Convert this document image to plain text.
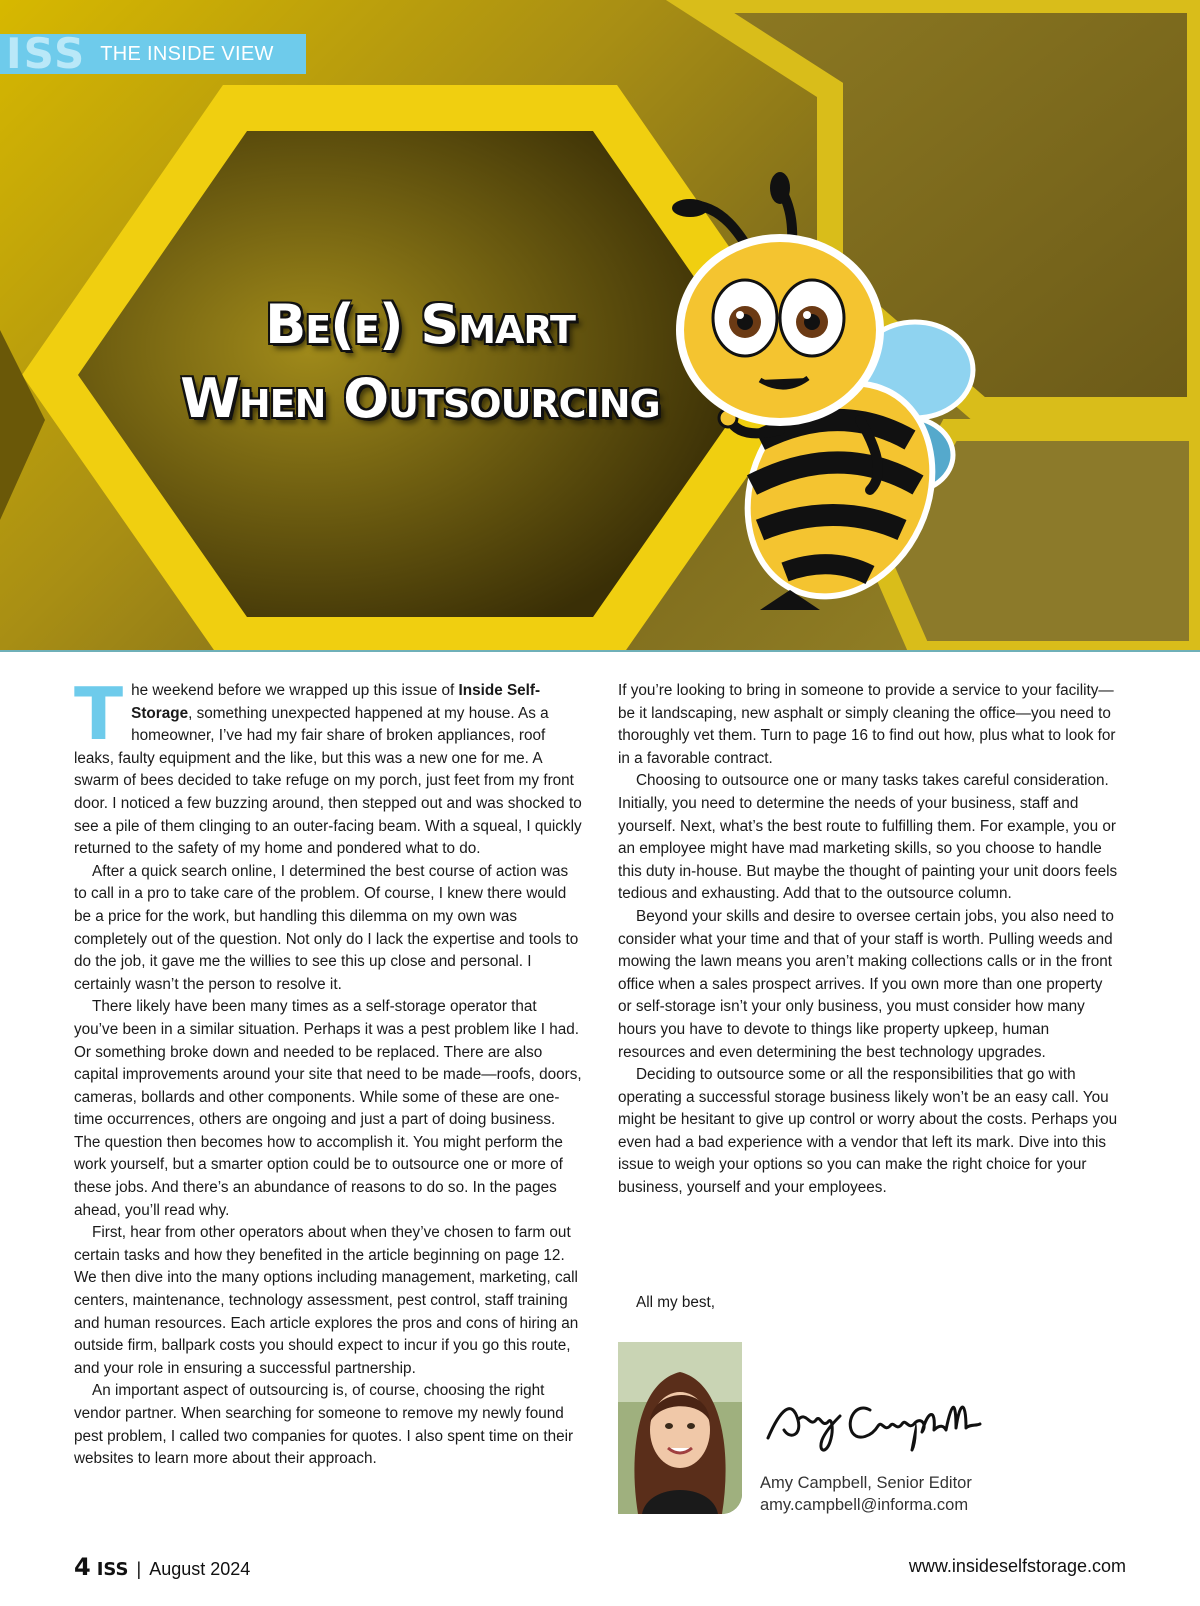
ISS THE INSIDE VIEW
Be(e) Smart
When Outsourcing

The weekend before we wrapped up this issue of Inside Self-Storage, something unexpected happened at my house. As a homeowner, I’ve had my fair share of broken appliances, roof leaks, faulty equipment and the like, but this was a new one for me. A swarm of bees decided to take refuge on my porch, just feet from my front door. I noticed a few buzzing around, then stepped out and was shocked to see a pile of them clinging to an outer-facing beam. With a squeal, I quickly returned to the safety of my home and pondered what to do.

After a quick search online, I determined the best course of action was to call in a pro to take care of the problem. Of course, I knew there would be a price for the work, but handling this dilemma on my own was completely out of the question. Not only do I lack the expertise and tools to do the job, it gave me the willies to see this up close and personal. I certainly wasn’t the person to resolve it.

There likely have been many times as a self-storage operator that you’ve been in a similar situation. Perhaps it was a pest problem like I had. Or something broke down and needed to be replaced. There are also capital improvements around your site that need to be made—roofs, doors, cameras, bollards and other components. While some of these are one-time occurrences, others are ongoing and just a part of doing business. The question then becomes how to accomplish it. You might perform the work yourself, but a smarter option could be to outsource one or more of these jobs. And there’s an abundance of reasons to do so. In the pages ahead, you’ll read why.

First, hear from other operators about when they’ve chosen to farm out certain tasks and how they benefited in the article beginning on page 12. We then dive into the many options including management, marketing, call centers, maintenance, technology assessment, pest control, staff training and human resources. Each article explores the pros and cons of hiring an outside firm, ballpark costs you should expect to incur if you go this route, and your role in ensuring a successful partnership.

An important aspect of outsourcing is, of course, choosing the right vendor partner. When searching for someone to remove my newly found pest problem, I called two companies for quotes. I also spent time on their websites to learn more about their approach.

If you’re looking to bring in someone to provide a service to your facility—be it landscaping, new asphalt or simply cleaning the office—you need to thoroughly vet them. Turn to page 16 to find out how, plus what to look for in a favorable contract.

Choosing to outsource one or many tasks takes careful consideration. Initially, you need to determine the needs of your business, staff and yourself. Next, what’s the best route to fulfilling them. For example, you or an employee might have mad marketing skills, so you choose to handle this duty in-house. But maybe the thought of painting your unit doors feels tedious and exhausting. Add that to the outsource column.

Beyond your skills and desire to oversee certain jobs, you also need to consider what your time and that of your staff is worth. Pulling weeds and mowing the lawn means you aren’t making collections calls or in the front office when a sales prospect arrives. If you own more than one property or self-storage isn’t your only business, you must consider how many hours you have to devote to things like property upkeep, human resources and even determining the best technology upgrades.

Deciding to outsource some or all the responsibilities that go with operating a successful storage business likely won’t be an easy call. You might be hesitant to give up control or worry about the costs. Perhaps you even had a bad experience with a vendor that left its mark. Dive into this issue to weigh your options so you can make the right choice for your business, yourself and your employees.

All my best,
Amy Campbell, Senior Editor
amy.campbell@informa.com
4 ISS | August 2024	www.insideselfstorage.com
